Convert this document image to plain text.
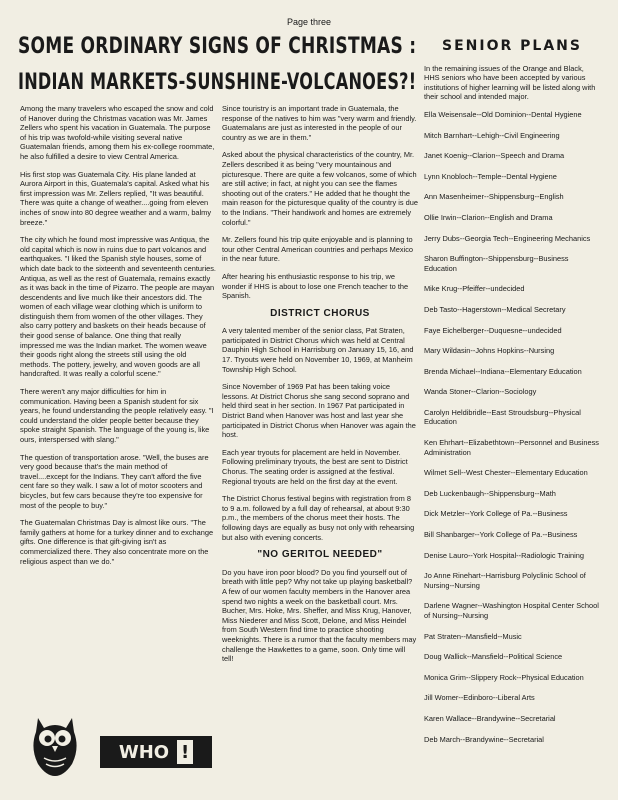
Page three
SOME ORDINARY SIGNS OF CHRISTMAS :
INDIAN MARKETS-SUNSHINE-VOLCANOES?!

Among the many travelers who escaped the snow and cold of Hanover during the Christmas vacation was Mr. James Zellers who spent his vacation in Guatemala. The purpose of his trip was twofold-while visiting several native Guatemalan friends, among them his ex-college roommate, he also fulfilled a desire to view Central America.

His first stop was Guatemala City. His plane landed at Aurora Airport in this, Guatemala's capital. Asked what his first impression was Mr. Zellers replied, "It was beautiful. There was quite a change of weather....going from eleven inches of snow into 80 degree weather and a warm, balmy breeze."

The city which he found most impressive was Antiqua, the old capital which is now in ruins due to part volcanos and earthquakes. "I liked the Spanish style houses, some of which date back to the sixteenth and seventeenth centuries. Antiqua, as well as the rest of Guatemala, remains exactly as it was back in the time of Pizarro. The people are mayan descendents and live much like their ancestors did. The women of each village wear clothing which is uniform to distinguish them from women of the other villages. They also carry pottery and baskets on their heads because of their good sense of balance. One thing that really impressed me was the Indian market. The women weave their goods right along the streets still using the old methods. The pottery, jewelry, and woven goods are all handcrafted. It was really a colorful scene."

There weren't any major difficulties for him in communication. Having been a Spanish student for six years, he found understanding the people relatively easy. "I could understand the older people better because they spoke straight Spanish. The language of the young is, like ours, interspersed with slang."

The question of transportation arose. "Well, the buses are very good because that's the main method of travel....except for the Indians. They can't afford the five cent fare so they walk. I saw a lot of motor scooters and bicycles, but few cars because they're too expensive for most of the people to buy."

The Guatemalan Christmas Day is almost like ours. "The family gathers at home for a turkey dinner and to exchange gifts. One difference is that gift-giving isn't as commercialized there. They also concentrate more on the religious aspect than we do."

Since touristry is an important trade in Guatemala, the response of the natives to him was "very warm and friendly. Guatemalans are just as interested in the people of our country as we are in them."

Asked about the physical characteristics of the country, Mr. Zellers described it as being "very mountainous and picturesque. There are quite a few volcanos, some of which are still active; in fact, at night you can see the flames shooting out of the craters." He added that he thought the main reason for the picturesque quality of the country is due to the Indians. "Their handiwork and homes are extremely colorful."

Mr. Zellers found his trip quite enjoyable and is planning to tour other Central American countries and perhaps Mexico in the near future.

After hearing his enthusiastic response to his trip, we wonder if HHS is about to lose one French teacher to the Spanish.

DISTRICT CHORUS

A very talented member of the senior class, Pat Straten, participated in District Chorus which was held at Central Dauphin High School in Harrisburg on January 15, 16, and 17. Tryouts were held on November 10, 1969, at Manheim Township High School.

Since November of 1969 Pat has been taking voice lessons. At District Chorus she sang second soprano and held third seat in her section. In 1967 Pat participated in District Band when Hanover was host and last year she participated in District Chorus when Hanover was again the host.

Each year tryouts for placement are held in November. Following preliminary tryouts, the best are sent to District Chorus. The seating order is assigned at the festival. Regional tryouts are held on the first day at the event.

The District Chorus festival begins with registration from 8 to 9 a.m. followed by a full day of rehearsal, at about 9:30 p.m., the members of the chorus meet their hosts. The following days are equally as busy not only with rehearsing but also with evening concerts.

"NO GERITOL NEEDED"

Do you have iron poor blood? Do you find yourself out of breath with little pep? Why not take up playing basketball? A few of our women faculty members in the Hanover area spend two nights a week on the basketball court. Mrs. Bucher, Mrs. Hoke, Mrs. Sheffer, and Miss Krug, Hanover, Miss Niederer and Miss Scott, Delone, and Miss Heindel from South Western find time to practice shooting weeknights. There is a rumor that the faculty members may challenge the Hawkettes to a game, soon. Only time will tell!

SENIOR PLANS

In the remaining issues of the Orange and Black, HHS seniors who have been accepted by various institutions of higher learning will be listed along with their school and intended major.

Ella Weisensale--Old Dominion--Dental Hygiene
Mitch Barnhart--Lehigh--Civil Engineering
Janet Koenig--Clarion--Speech and Drama
Lynn Knobloch--Temple--Dental Hygiene
Ann Masenheimer--Shippensburg--English
Ollie Irwin--Clarion--English and Drama
Jerry Dubs--Georgia Tech--Engineering Mechanics
Sharon Buffington--Shippensburg--Business Education
Mike Krug--Pfeiffer--undecided
Deb Tasto--Hagerstown--Medical Secretary
Faye Eichelberger--Duquesne--undecided
Mary Wildasin--Johns Hopkins--Nursing
Brenda Michael--Indiana--Elementary Education
Wanda Stoner--Clarion--Sociology
Carolyn Heldibridle--East Stroudsburg--Physical Education
Ken Ehrhart--Elizabethtown--Personnel and Business Administration
Wilmet Sell--West Chester--Elementary Education
Deb Luckenbaugh--Shippensburg--Math
Dick Metzler--York College of Pa.--Business
Bill Shanbarger--York College of Pa.--Business
Denise Lauro--York Hospital--Radiologic Training
Jo Anne Rinehart--Harrisburg Polyclinic School of Nursing--Nursing
Darlene Wagner--Washington Hospital Center School of Nursing--Nursing
Pat Straten--Mansfield--Music
Doug Wallick--Mansfield--Political Science
Monica Grim--Slippery Rock--Physical Education
Jill Womer--Edinboro--Liberal Arts
Karen Wallace--Brandywine--Secretarial
Deb March--Brandywine--Secretarial
WHO !
